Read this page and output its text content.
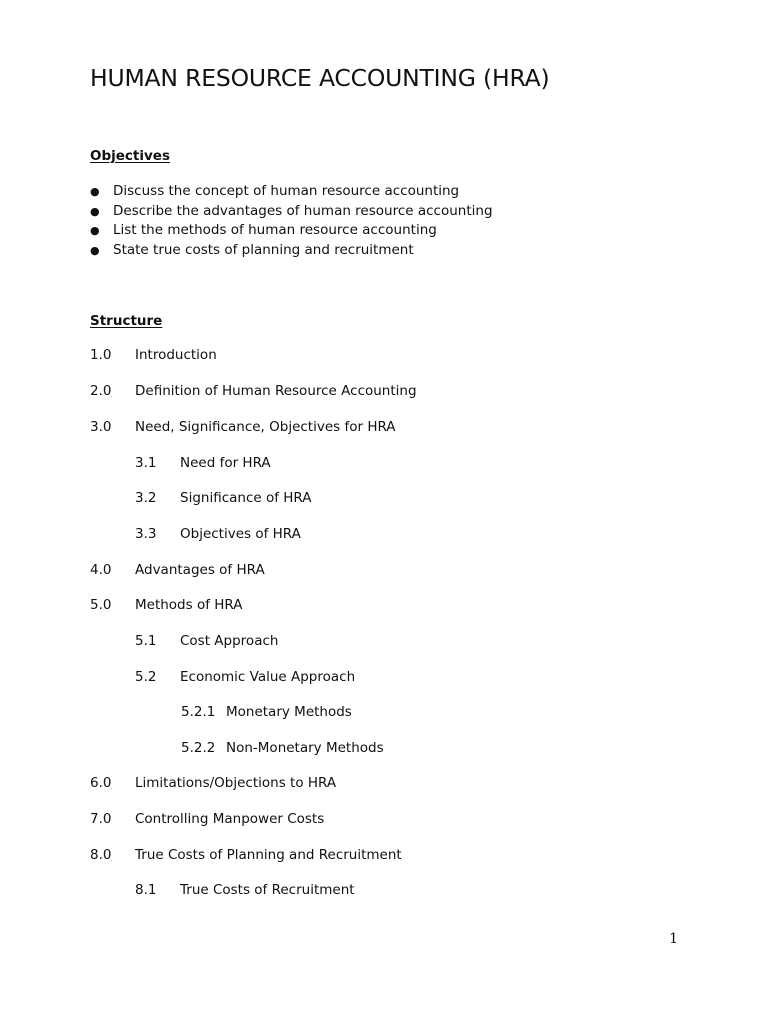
HUMAN RESOURCE ACCOUNTING (HRA)
Objectives
● Discuss the concept of human resource accounting
● Describe the advantages of human resource accounting
● List the methods of human resource accounting
● State true costs of planning and recruitment
Structure
1.0 Introduction
2.0 Definition of Human Resource Accounting
3.0 Need, Significance, Objectives for HRA
3.1 Need for HRA
3.2 Significance of HRA
3.3 Objectives of HRA
4.0 Advantages of HRA
5.0 Methods of HRA
5.1 Cost Approach
5.2 Economic Value Approach
5.2.1 Monetary Methods
5.2.2 Non-Monetary Methods
6.0 Limitations/Objections to HRA
7.0 Controlling Manpower Costs
8.0 True Costs of Planning and Recruitment
8.1 True Costs of Recruitment
1
